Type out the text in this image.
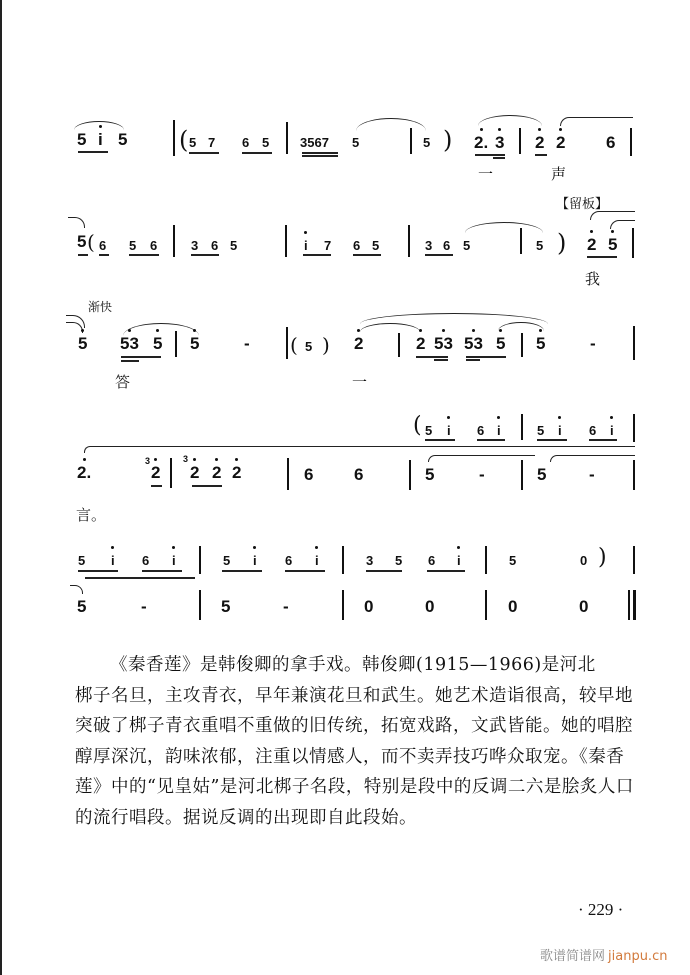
5 i 5 ( 5 7 6 5 3567 5	5 ) 2. 3 2 2 6
一	声
【留板】
5 ( 6 5 6	3 6 5	i 7 6 5	3 6 5	5 ) 2 5
我
渐快
5 53 5 5	- ( 5 ) 2	2 53 53 5 5	-
答	一
( 5 i 6 i	5 i 6 i
2.
3
2
3
2 2 2	6 6	5	-	5	-
言。
5 i 6 i	5 i 6 i	3 5 6 i	5	0 )
5	-	5	-	0	0	0	0

《秦香莲》是韩俊卿的拿手戏。韩俊卿(1915—1966)是河北

梆子名旦，主攻青衣，早年兼演花旦和武生。她艺术造诣很高，较早地突破了梆子青衣重唱不重做的旧传统，拓宽戏路，文武皆能。她的唱腔醇厚深沉，韵味浓郁，注重以情感人，而不卖弄技巧哗众取宠。《秦香莲》中的“见皇姑”是河北梆子名段，特别是段中的反调二六是脍炙人口的流行唱段。据说反调的出现即自此段始。

· 229 ·
歌谱简谱网 jianpu.cn
